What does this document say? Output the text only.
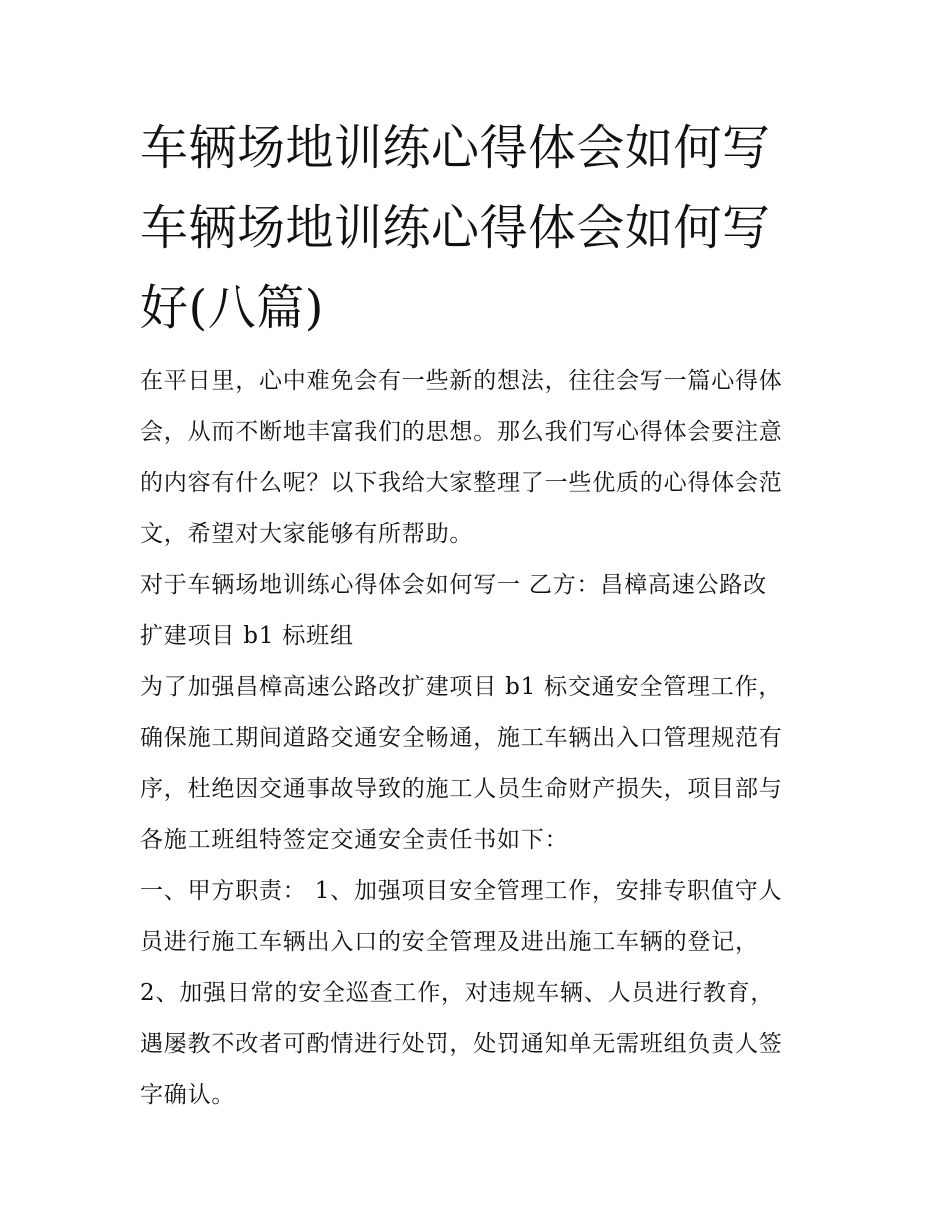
车辆场地训练心得体会如何写
车辆场地训练心得体会如何写
好(八篇)

在平日里，心中难免会有一些新的想法，往往会写一篇心得体

会，从而不断地丰富我们的思想。那么我们写心得体会要注意

的内容有什么呢？以下我给大家整理了一些优质的心得体会范

文，希望对大家能够有所帮助。

对于车辆场地训练心得体会如何写一 乙方：昌樟高速公路改

扩建项目 b1 标班组

为了加强昌樟高速公路改扩建项目 b1 标交通安全管理工作，

确保施工期间道路交通安全畅通，施工车辆出入口管理规范有

序，杜绝因交通事故导致的施工人员生命财产损失，项目部与

各施工班组特签定交通安全责任书如下：

一、甲方职责： 1、加强项目安全管理工作，安排专职值守人

员进行施工车辆出入口的安全管理及进出施工车辆的登记，

2、加强日常的安全巡查工作，对违规车辆、人员进行教育，

遇屡教不改者可酌情进行处罚，处罚通知单无需班组负责人签

字确认。
